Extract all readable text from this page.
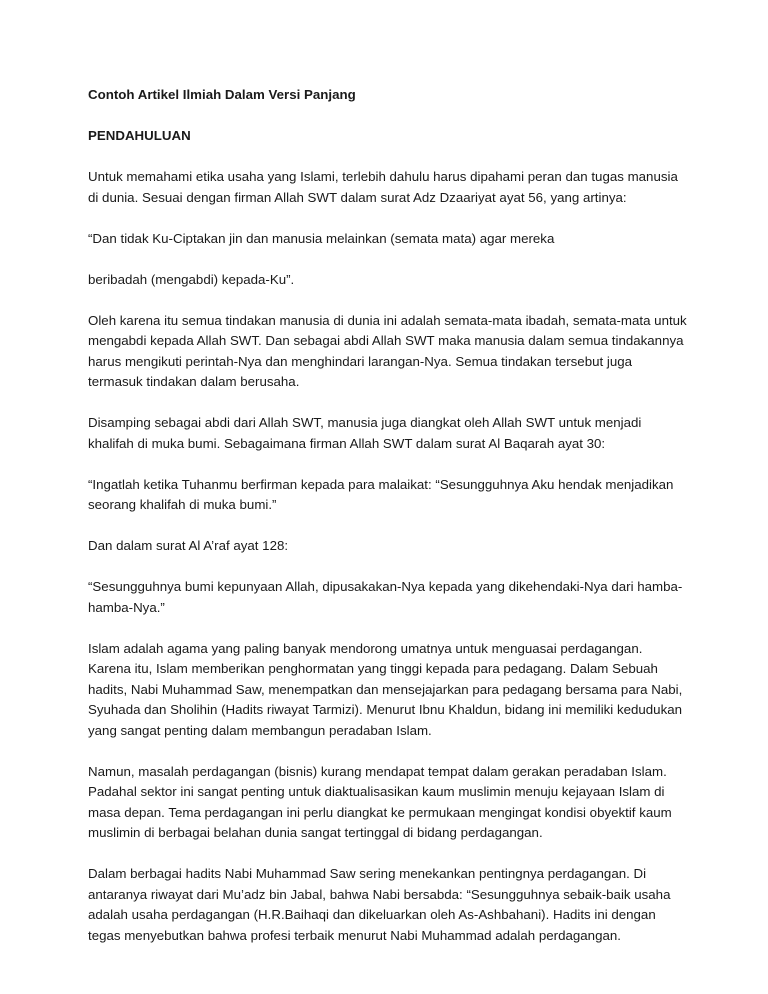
Contoh Artikel Ilmiah Dalam Versi Panjang

PENDAHULUAN

Untuk memahami etika usaha yang Islami, terlebih dahulu harus dipahami peran dan tugas manusia di dunia. Sesuai dengan firman Allah SWT dalam surat Adz Dzaariyat ayat 56, yang artinya:

“Dan tidak Ku-Ciptakan jin dan manusia melainkan (semata mata) agar mereka

beribadah (mengabdi) kepada-Ku”.

Oleh karena itu semua tindakan manusia di dunia ini adalah semata-mata ibadah, semata-mata untuk mengabdi kepada Allah SWT. Dan sebagai abdi Allah SWT maka manusia dalam semua tindakannya harus mengikuti perintah-Nya dan menghindari larangan-Nya. Semua tindakan tersebut juga termasuk tindakan dalam berusaha.

Disamping sebagai abdi dari Allah SWT, manusia juga diangkat oleh Allah SWT untuk menjadi khalifah di muka bumi. Sebagaimana firman Allah SWT dalam surat Al Baqarah ayat 30:

“Ingatlah ketika Tuhanmu berfirman kepada para malaikat: “Sesungguhnya Aku hendak menjadikan seorang khalifah di muka bumi.”

Dan dalam surat Al A’raf ayat 128:

“Sesungguhnya bumi kepunyaan Allah, dipusakakan-Nya kepada yang dikehendaki-Nya dari hamba-hamba-Nya.”

Islam adalah agama yang paling banyak mendorong umatnya untuk menguasai perdagangan. Karena itu, Islam memberikan penghormatan yang tinggi kepada para pedagang. Dalam Sebuah hadits, Nabi Muhammad Saw, menempatkan dan mensejajarkan para pedagang bersama para Nabi, Syuhada dan Sholihin (Hadits riwayat Tarmizi). Menurut Ibnu Khaldun, bidang ini memiliki kedudukan yang sangat penting dalam membangun peradaban Islam.

Namun, masalah perdagangan (bisnis) kurang mendapat tempat dalam gerakan peradaban Islam. Padahal sektor ini sangat penting untuk diaktualisasikan kaum muslimin menuju kejayaan Islam di masa depan. Tema perdagangan ini perlu diangkat ke permukaan mengingat kondisi obyektif kaum muslimin di berbagai belahan dunia sangat tertinggal di bidang perdagangan.

Dalam berbagai hadits Nabi Muhammad Saw sering menekankan pentingnya perdagangan. Di antaranya riwayat dari Mu’adz bin Jabal, bahwa Nabi bersabda: “Sesungguhnya sebaik-baik usaha adalah usaha perdagangan (H.R.Baihaqi dan dikeluarkan oleh As-Ashbahani). Hadits ini dengan tegas menyebutkan bahwa profesi terbaik menurut Nabi Muhammad adalah perdagangan.
